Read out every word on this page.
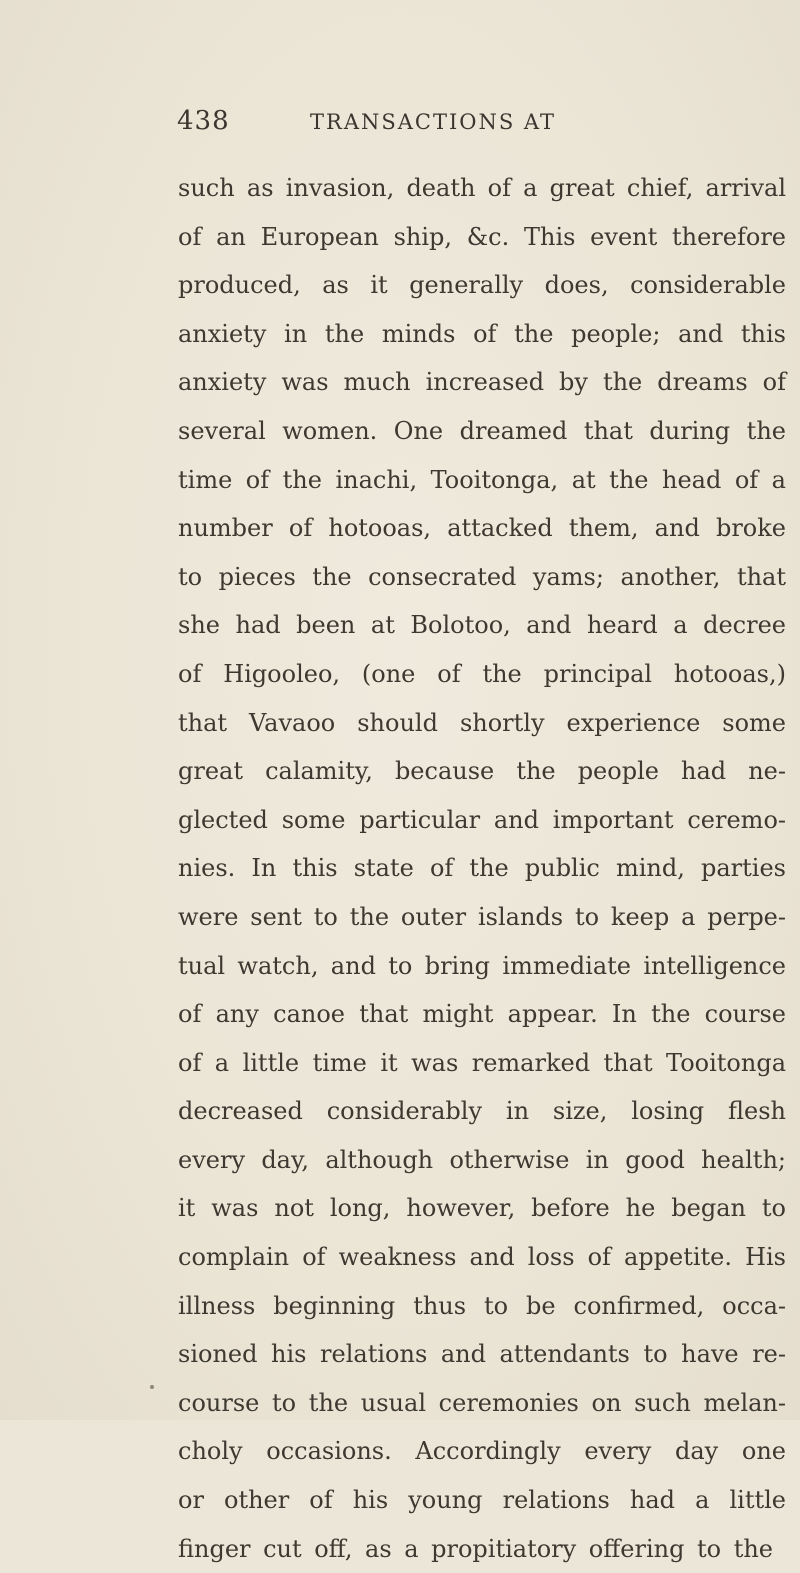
438	TRANSACTIONS AT
such as invasion, death of a great chief, arrival
of an European ship, &c. This event therefore
produced, as it generally does, considerable
anxiety in the minds of the people; and this
anxiety was much increased by the dreams of
several women. One dreamed that during the
time of the inachi, Tooitonga, at the head of a
number of hotooas, attacked them, and broke
to pieces the consecrated yams; another, that
she had been at Bolotoo, and heard a decree
of Higooleo, (one of the principal hotooas,)
that Vavaoo should shortly experience some
great calamity, because the people had ne-
glected some particular and important ceremo-
nies. In this state of the public mind, parties
were sent to the outer islands to keep a perpe-
tual watch, and to bring immediate intelligence
of any canoe that might appear. In the course
of a little time it was remarked that Tooitonga
decreased considerably in size, losing flesh
every day, although otherwise in good health;
it was not long, however, before he began to
complain of weakness and loss of appetite. His
illness beginning thus to be confirmed, occa-
sioned his relations and attendants to have re-
course to the usual ceremonies on such melan-
choly occasions. Accordingly every day one
or other of his young relations had a little
finger cut off, as a propitiatory offering to the
